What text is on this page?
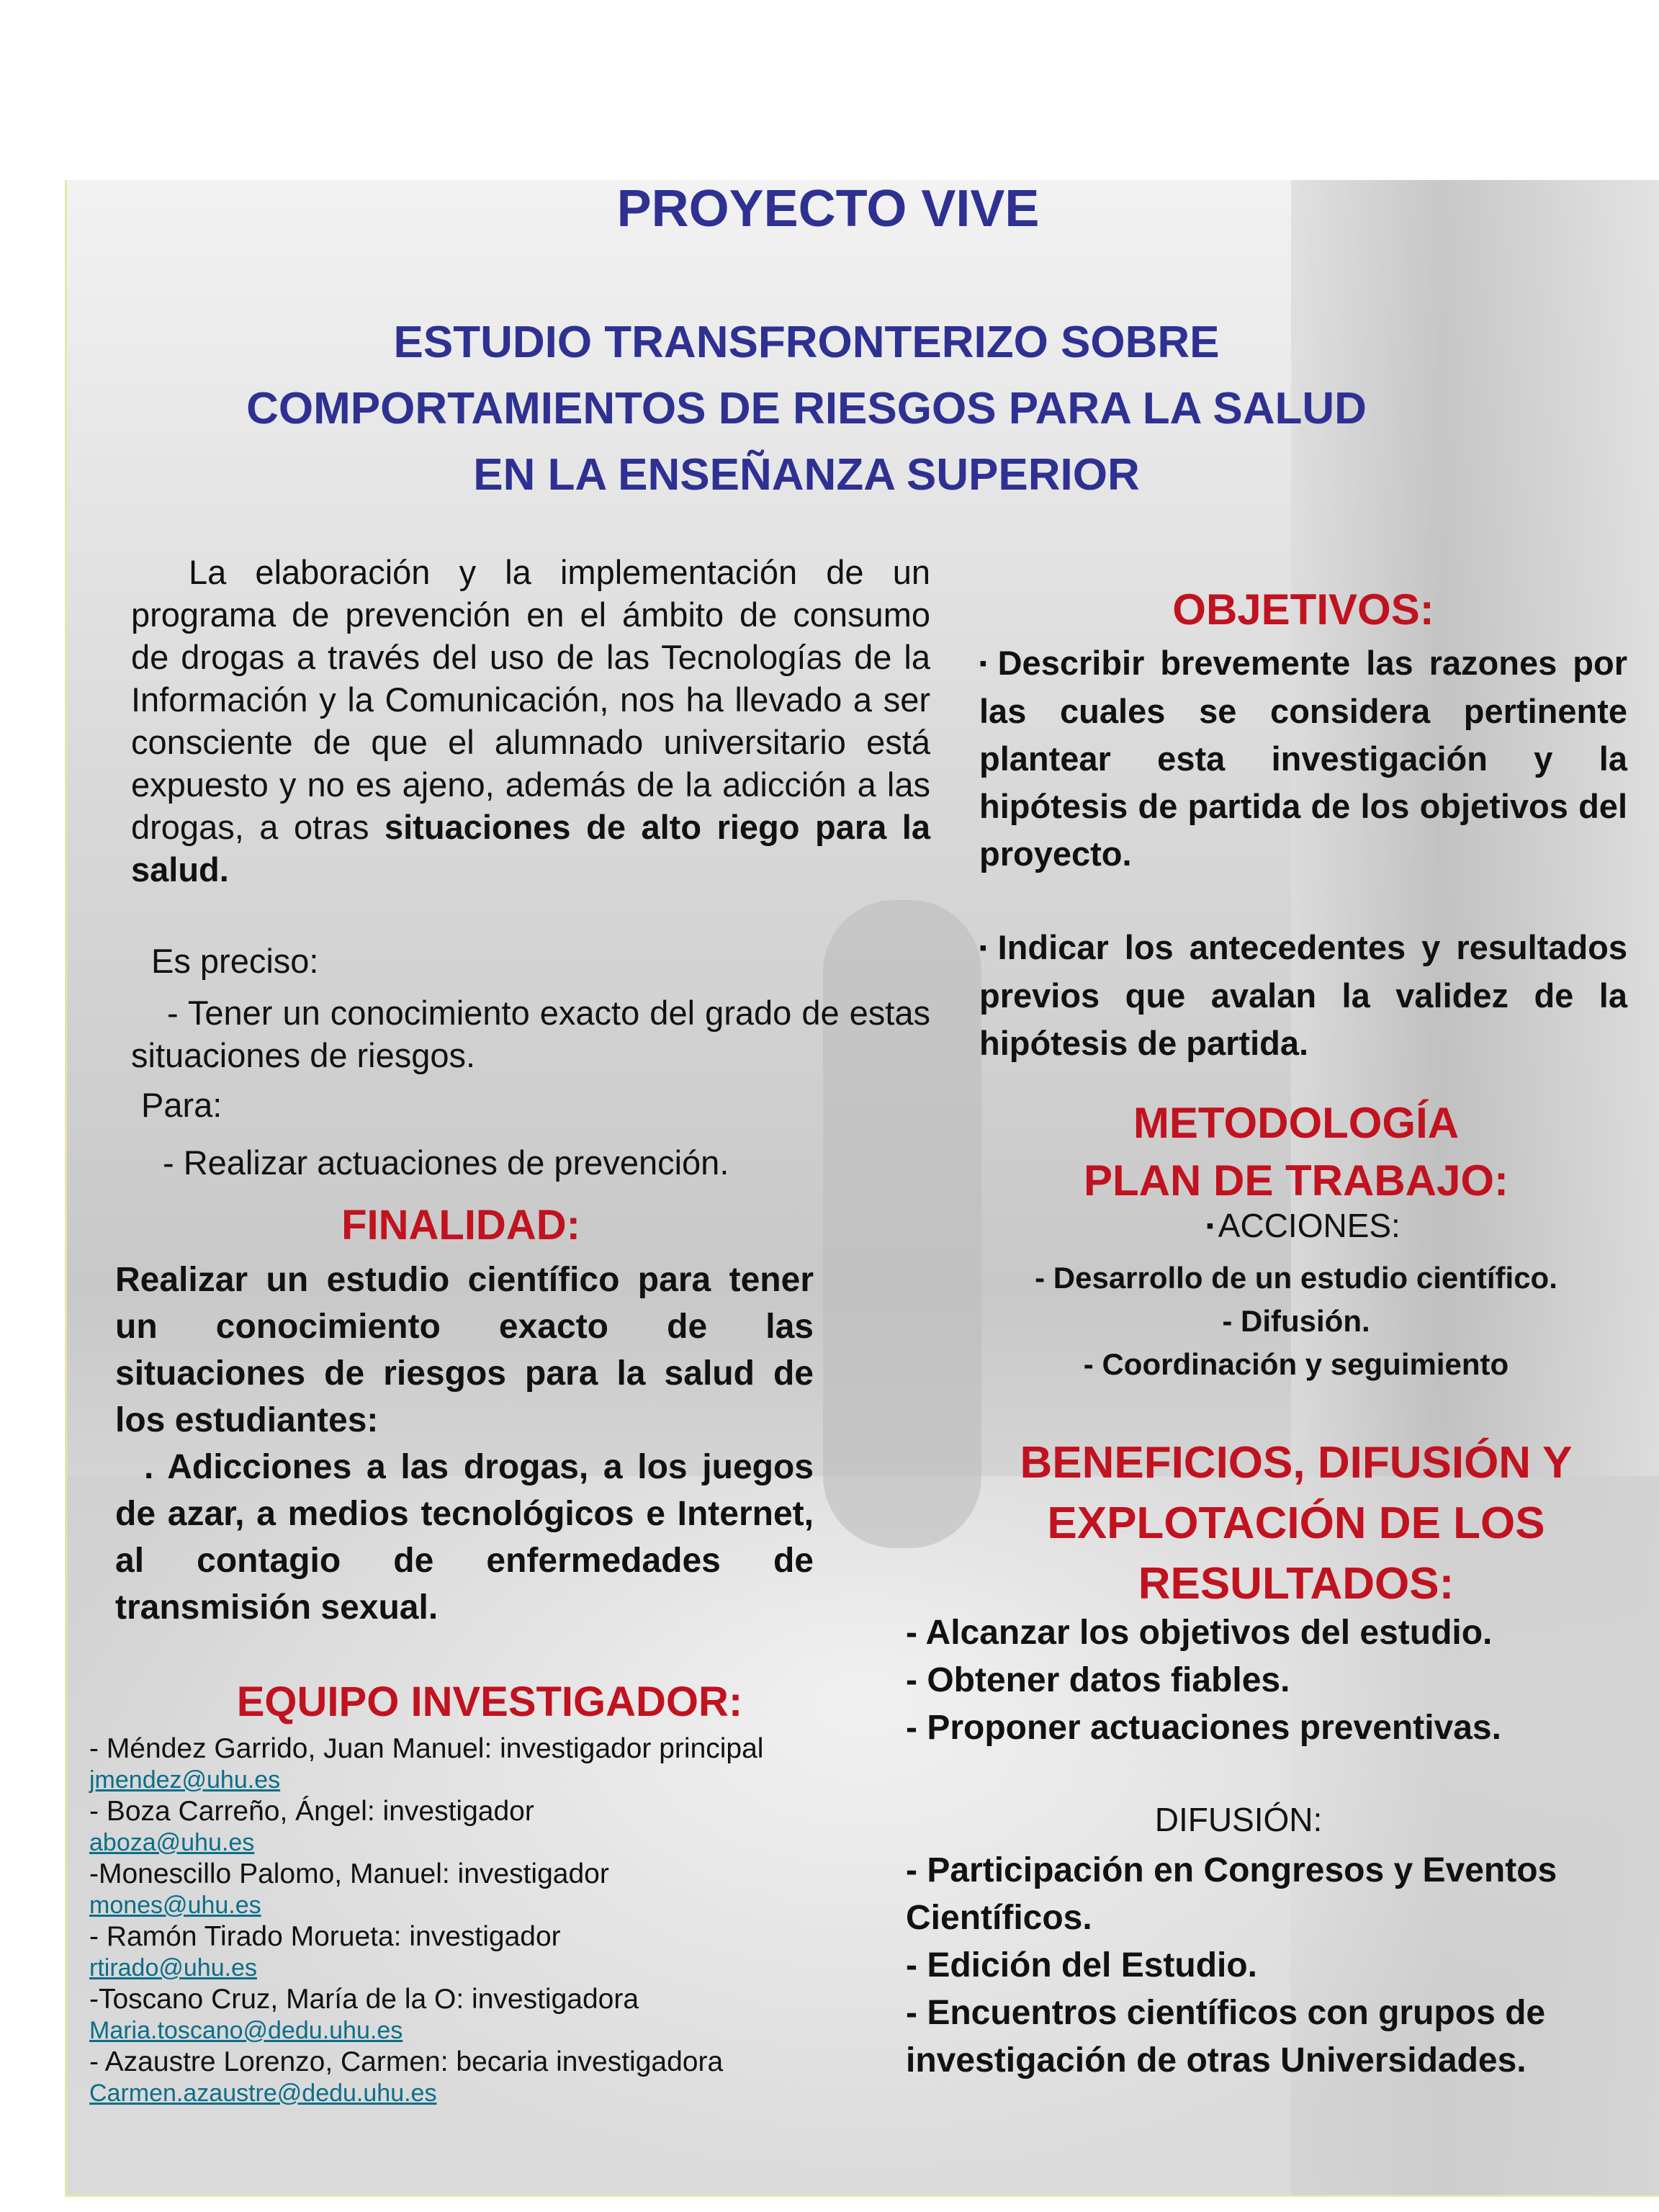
PROYECTO VIVE
ESTUDIO TRANSFRONTERIZO SOBRE
COMPORTAMIENTOS DE RIESGOS PARA LA SALUD
EN LA ENSEÑANZA SUPERIOR
La elaboración y la implementación de un programa de prevención en el ámbito de consumo de drogas a través del uso de las Tecnologías de la Información y la Comunicación, nos ha llevado a ser consciente de que el alumnado universitario está expuesto y no es ajeno, además de la adicción a las drogas, a otras situaciones de alto riego para la salud.
Es preciso:
- Tener un conocimiento exacto del grado de estas situaciones de riesgos.
Para:
- Realizar actuaciones de prevención.
FINALIDAD:
Realizar un estudio científico para tener un conocimiento exacto de las situaciones de riesgos para la salud de los estudiantes:
. Adicciones a las drogas, a los juegos de azar, a medios tecnológicos e Internet, al contagio de enfermedades de transmisión sexual.
EQUIPO INVESTIGADOR:
- Méndez Garrido, Juan Manuel: investigador principal
jmendez@uhu.es
- Boza Carreño, Ángel: investigador
aboza@uhu.es
-Monescillo Palomo, Manuel: investigador
mones@uhu.es
- Ramón Tirado Morueta: investigador
rtirado@uhu.es
-Toscano Cruz, María de la O: investigadora
Maria.toscano@dedu.uhu.es
- Azaustre Lorenzo, Carmen: becaria investigadora
Carmen.azaustre@dedu.uhu.es
OBJETIVOS:
▪ Describir brevemente las razones por las cuales se considera pertinente plantear esta investigación y la hipótesis de partida de los objetivos del proyecto.
▪ Indicar los antecedentes y resultados previos que avalan la validez de la hipótesis de partida.
METODOLOGÍA
PLAN DE TRABAJO:
▪ ACCIONES:
- Desarrollo de un estudio científico.
- Difusión.
- Coordinación y seguimiento
BENEFICIOS, DIFUSIÓN Y
EXPLOTACIÓN DE LOS
RESULTADOS:
- Alcanzar los objetivos del estudio.
- Obtener datos fiables.
- Proponer actuaciones preventivas.
DIFUSIÓN:
- Participación en Congresos y Eventos Científicos.
- Edición del Estudio.
- Encuentros científicos con grupos de investigación de otras Universidades.
